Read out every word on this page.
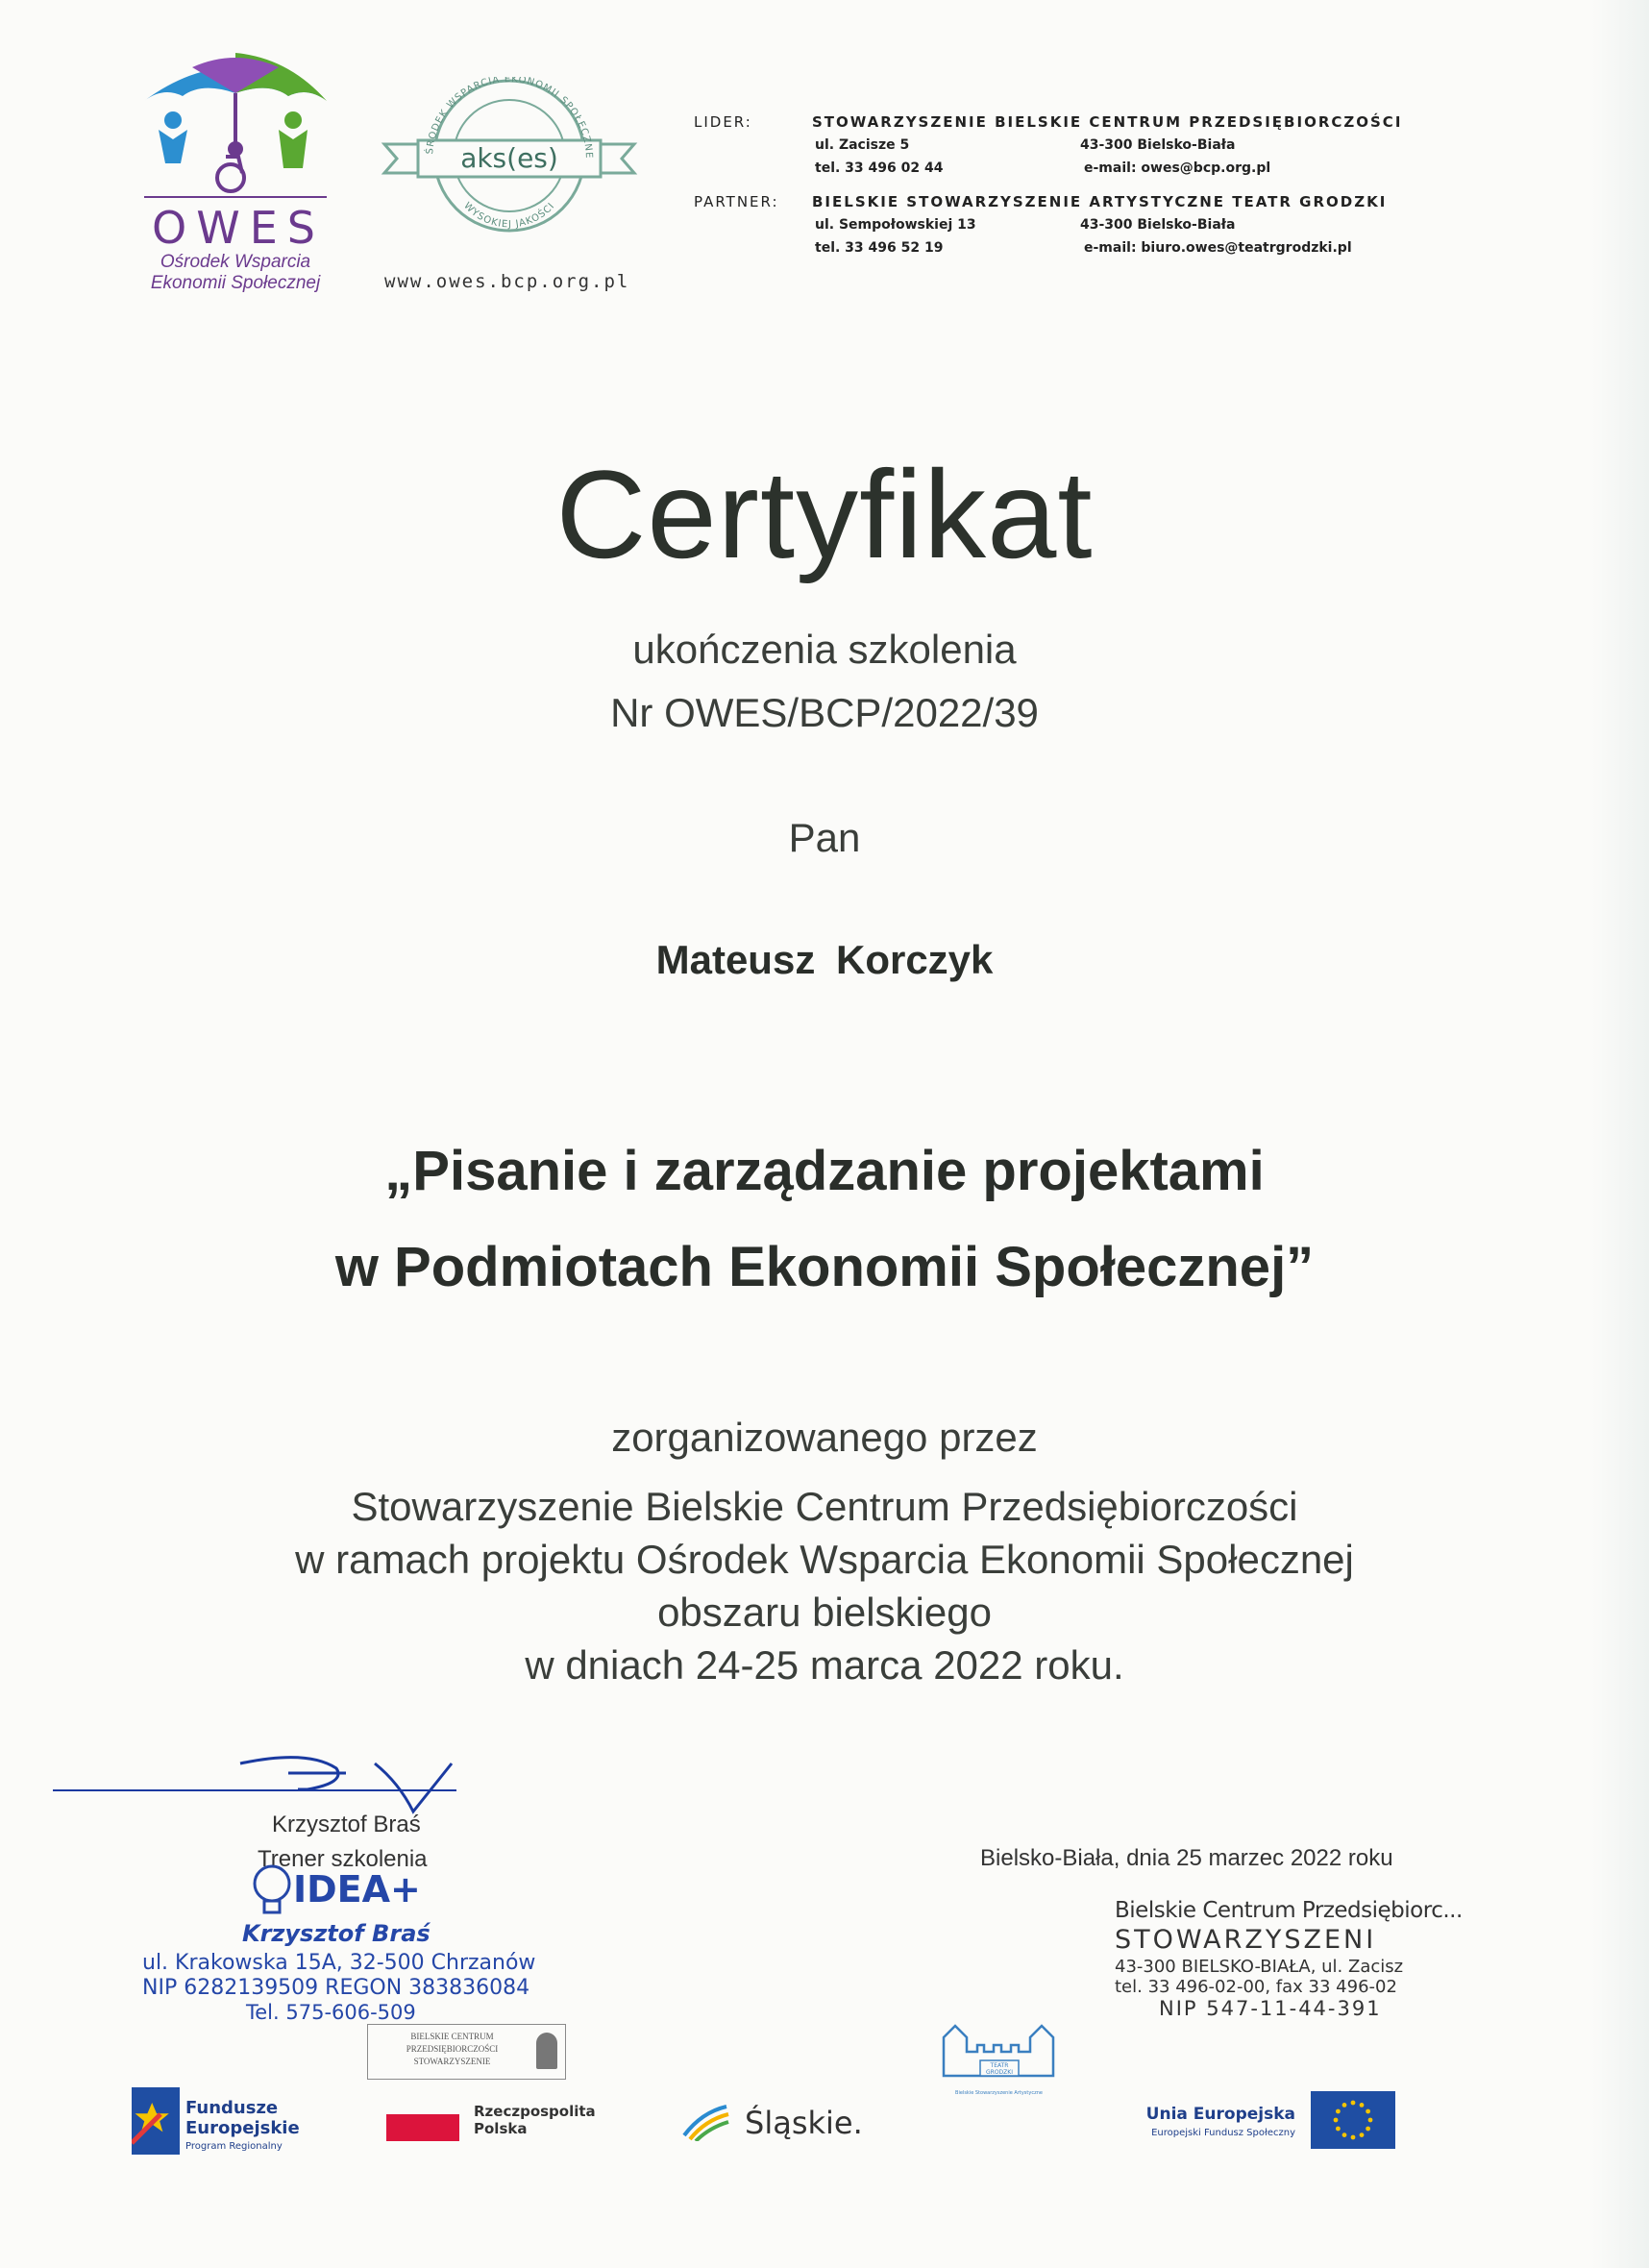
OWES
Ośrodek Wsparcia
Ekonomii Społecznej
aks(es)
ŚRODEK WSPARCIA EKONOMII SPOŁECZNE
WYSOKIEJ JAKOŚCI
www.owes.bcp.org.pl
LIDER:	STOWARZYSZENIE BIELSKIE CENTRUM PRZEDSIĘBIORCZOŚCI
ul. Zacisze 5	43-300 Bielsko-Biała
tel. 33 496 02 44	e-mail: owes@bcp.org.pl
PARTNER: BIELSKIE STOWARZYSZENIE ARTYSTYCZNE TEATR GRODZKI
ul. Sempołowskiej 13	43-300 Bielsko-Biała
tel. 33 496 52 19	e-mail: biuro.owes@teatrgrodzki.pl
Certyfikat
ukończenia szkolenia
Nr OWES/BCP/2022/39
Pan
Mateusz Korczyk
„Pisanie i zarządzanie projektami
w Podmiotach Ekonomii Społecznej”
zorganizowanego przez
Stowarzyszenie Bielskie Centrum Przedsiębiorczości
w ramach projektu Ośrodek Wsparcia Ekonomii Społecznej
obszaru bielskiego
w dniach 24-25 marca 2022 roku.
Krzysztof Braś
Trener szkolenia
IDEA+
Krzysztof Braś
ul. Krakowska 15A, 32-500 Chrzanów
NIP 6282139509 REGON 383836084
Tel. 575-606-509
BIELSKIE CENTRUM
PRZEDSIĘBIORCZOŚCI
STOWARZYSZENIE	TEATR
GRODZKI
Bielskie Stowarzyszenie Artystyczne
Bielsko-Biała, dnia 25 marzec 2022 roku
Bielskie Centrum Przedsiębiorc...
STOWARZYSZENI
43-300 BIELSKO-BIAŁA, ul. Zacisz
tel. 33 496-02-00, fax 33 496-02
NIP 547-11-44-391
Fundusze
Europejskie
Program Regionalny
Rzeczpospolita
Polska	Śląskie.	Unia Europejska
Europejski Fundusz Społeczny
